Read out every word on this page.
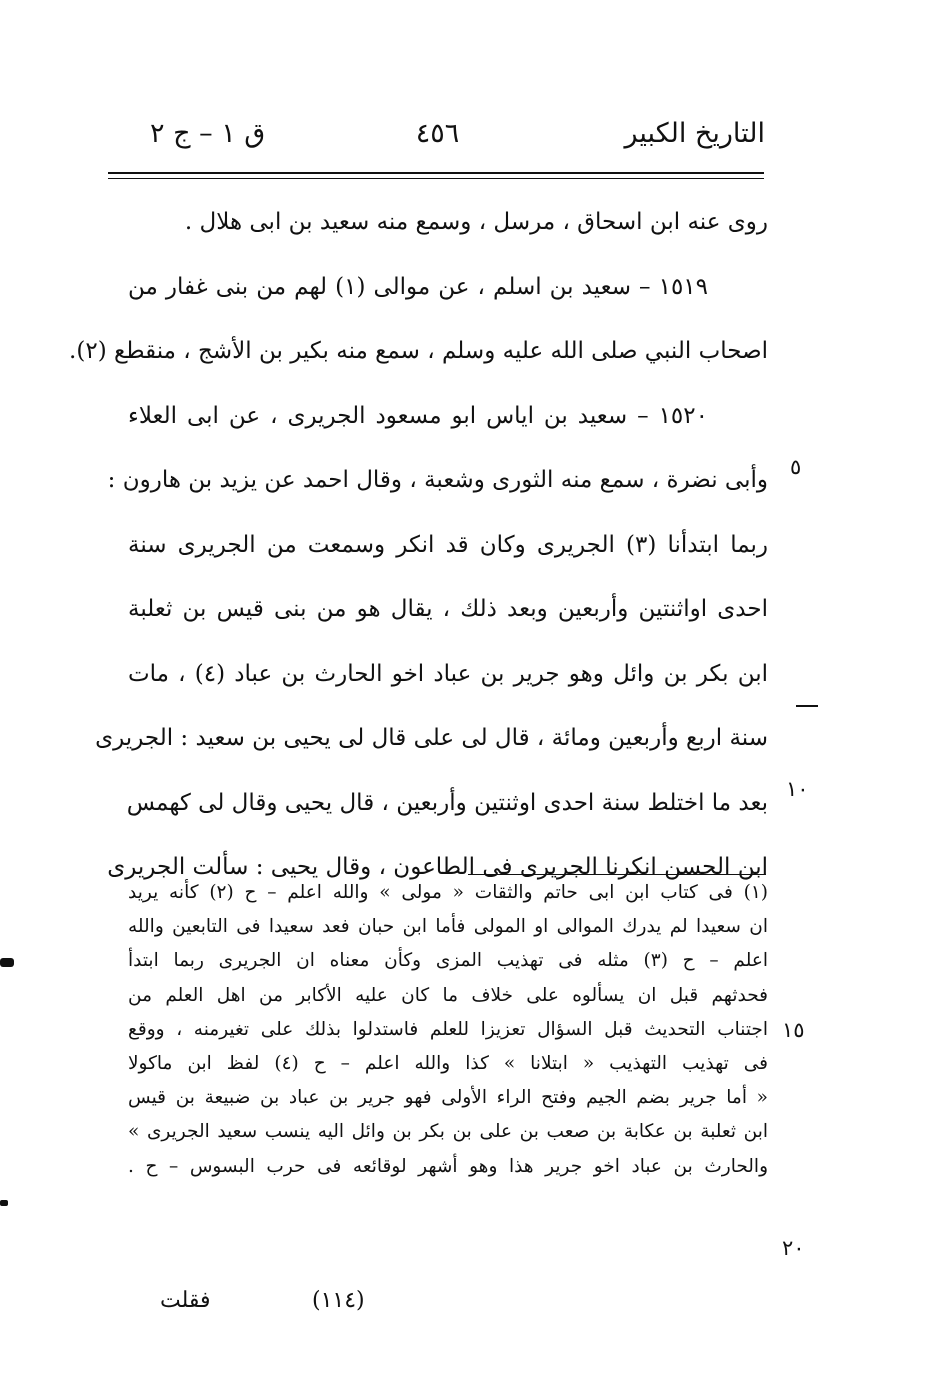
التاريخ الكبير
٤٥٦
ق ١ – ج ٢
روى عنه ابن اسحاق ، مرسل ، وسمع منه سعيد بن ابى هلال .
١٥١٩ – سعيد بن اسلم ، عن موالى (١) لهم من بنى غفار من
اصحاب النبي صلى الله عليه وسلم ، سمع منه بكير بن الأشج ، منقطع (٢).
١٥٢٠ – سعيد بن اياس ابو مسعود الجريرى ، عن ابى العلاء
وأبى نضرة ، سمع منه الثورى وشعبة ، وقال احمد عن يزيد بن هارون :
ربما ابتدأنا (٣) الجريرى وكان قد انكر وسمعت من الجريرى سنة
احدى اواثنتين وأربعين وبعد ذلك ، يقال هو من بنى قيس بن ثعلبة
ابن بكر بن وائل وهو جرير بن عباد اخو الحارث بن عباد (٤) ، مات
سنة اربع وأربعين ومائة ، قال لى على قال لى يحيى بن سعيد : الجريرى
بعد ما اختلط سنة احدى اوثنتين وأربعين ، قال يحيى وقال لى كهمس
ابن الحسن انكرنا الجريرى فى الطاعون ، وقال يحيى : سألت الجريرى
٥
١٠
(١) فى كتاب ابن ابى حاتم والثقات « مولى » والله اعلم – ح (٢) كأنه يريد
ان سعيدا لم يدرك الموالى او المولى فأما ابن حبان فعد سعيدا فى التابعين والله
اعلم – ح (٣) مثله فى تهذيب المزى وكأن معناه ان الجريرى ربما ابتدأ
فحدثهم قبل ان يسألوه على خلاف ما كان عليه الأكابر من اهل العلم من
اجتناب التحديث قبل السؤال تعزيزا للعلم فاستدلوا بذلك على تغيرمنه ، ووقع
فى تهذيب التهذيب « ابتلانا » كذا والله اعلم – ح (٤) لفظ ابن ماكولا
« أما جرير بضم الجيم وفتح الراء الأولى فهو جرير بن عباد بن ضبيعة بن قيس
ابن ثعلبة بن عكابة بن صعب بن على بن بكر بن وائل اليه ينسب سعيد الجريرى »
والحارث بن عباد اخو جرير هذا وهو أشهر لوقائعه فى حرب البسوس – ح .
١٥
٢٠
(١١٤)
فقلت
